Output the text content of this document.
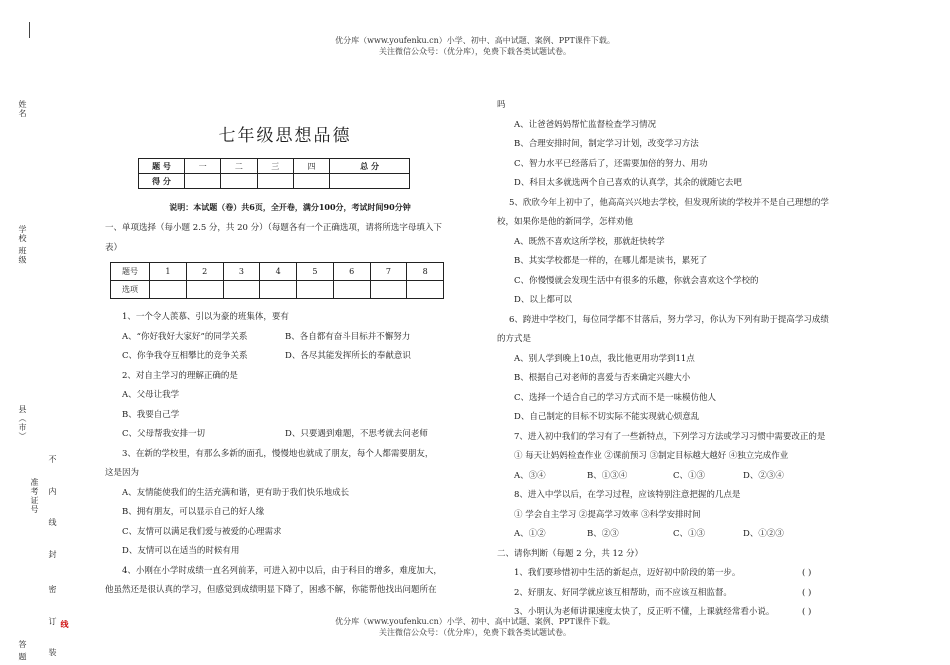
优分库（www.youfenku.cn）小学、初中、高中试题、案例、PPT课件下载。
关注微信公众号：（优分库），免费下载各类试题试卷。
姓名
学校 班级
县（市）
准考证号
答 题
不
内
线
封
密
订
装
线
七年级思想品德
题 号	一	二	三	四	总 分
得 分					
说明：本试题（卷）共6页，全开卷，满分100分，考试时间90分钟
一、单项选择（每小题 2.5 分，共 20 分）（每题各有一个正确选项，请将所选字母填入下
表）
题号	1	2	3	4	5	6	7	8
选项								
1、一个令人羡慕、引以为豪的班集体，要有
A、“你好我好大家好”的同学关系	B、各自都有奋斗目标并不懈努力
C、你争我夺互相攀比的竞争关系	D、各尽其能发挥所长的奉献意识
2、对自主学习的理解正确的是
A、父母让我学
B、我要自己学
C、父母帮我安排一切	D、只要遇到难题，不思考就去问老师
3、在新的学校里，有那么多新的面孔，慢慢地也就成了朋友，每个人都需要朋友，
这是因为
A、友情能使我们的生活充满和谐，更有助于我们快乐地成长
B、拥有朋友，可以显示自己的好人缘
C、友情可以满足我们爱与被爱的心理需求
D、友情可以在适当的时候有用
4、小刚在小学时成绩一直名列前茅，可进入初中以后，由于科目的增多，难度加大，
他虽然还是很认真的学习，但感觉到成绩明显下降了，困惑不解，你能帮他找出问题所在
吗
A、让爸爸妈妈帮忙监督检查学习情况
B、合理安排时间，制定学习计划，改变学习方法
C、智力水平已经落后了，还需要加倍的努力、用功
D、科目太多就选两个自己喜欢的认真学，其余的就随它去吧
5、欣欣今年上初中了，他高高兴兴地去学校，但发现所读的学校并不是自己理想的学
校，如果你是他的新同学，怎样劝他
A、既然不喜欢这所学校，那就赶快转学
B、其实学校都是一样的，在哪儿都是读书，累死了
C、你慢慢就会发现生活中有很多的乐趣，你就会喜欢这个学校的
D、以上都可以
6、跨进中学校门，每位同学都不甘落后，努力学习，你认为下列有助于提高学习成绩
的方式是
A、别人学到晚上10点，我比他更用功学到11点
B、根据自己对老师的喜爱与否来确定兴趣大小
C、选择一个适合自己的学习方式而不是一味模仿他人
D、自己制定的目标不切实际不能实现就心烦意乱
7、进入初中我们的学习有了一些新特点，下列学习方法或学习习惯中需要改正的是
① 每天让妈妈检查作业 ②课前预习 ③制定目标越大越好 ④独立完成作业
A、③④	B、①③④	C、①③	D、②③④
8、进入中学以后，在学习过程，应该特别注意把握的几点是
① 学会自主学习 ②提高学习效率 ③科学安排时间
A、①②	B、②③	C、①③	D、①②③
二、请你判断（每题 2 分，共 12 分）
1、我们要珍惜初中生活的新起点，迈好初中阶段的第一步。	( )
2、好朋友、好同学就应该互相帮助，而不应该互相监督。	( )
3、小明认为老师讲课速度太快了，反正听不懂，上课就经常看小说。	( )
优分库（www.youfenku.cn）小学、初中、高中试题、案例、PPT课件下载。
关注微信公众号：（优分库），免费下载各类试题试卷。
